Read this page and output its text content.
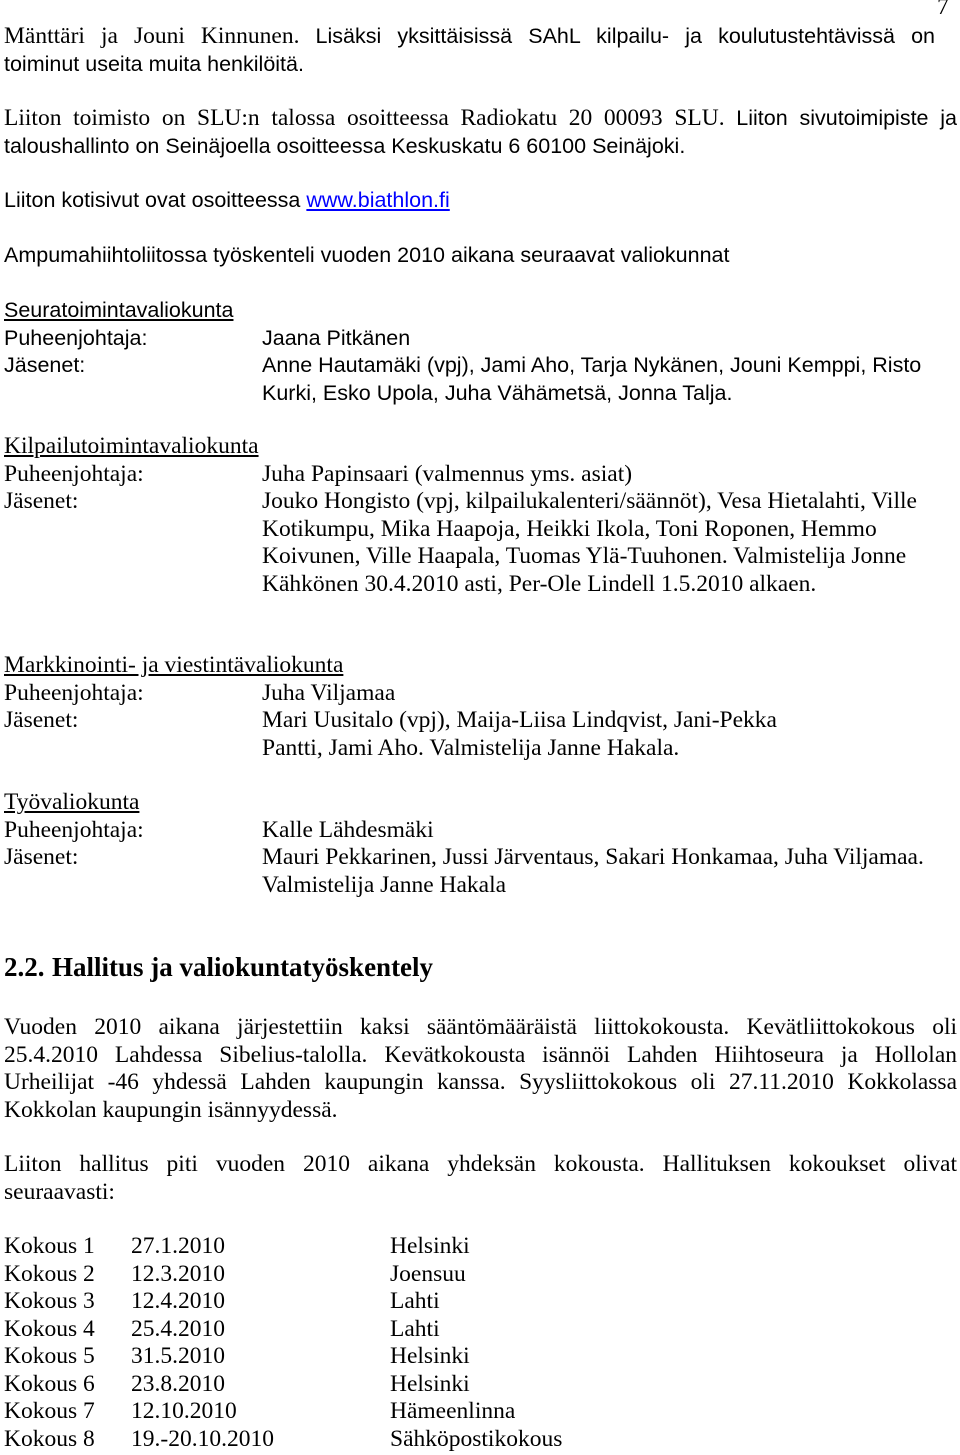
7
Mänttäri ja Jouni Kinnunen. Lisäksi yksittäisissä SAhL kilpailu- ja koulutustehtävissä on
toiminut useita muita henkilöitä.
Liiton toimisto on SLU:n talossa osoitteessa Radiokatu 20 00093 SLU. Liiton sivutoimipiste ja
taloushallinto on Seinäjoella osoitteessa Keskuskatu 6 60100 Seinäjoki.
Liiton kotisivut ovat osoitteessa www.biathlon.fi
Ampumahiihtoliitossa työskenteli vuoden 2010 aikana seuraavat valiokunnat
Seuratoimintavaliokunta
Puheenjohtaja:	Jaana Pitkänen
Jäsenet:	Anne Hautamäki (vpj), Jami Aho, Tarja Nykänen, Jouni Kemppi, Risto
Kurki, Esko Upola, Juha Vähämetsä, Jonna Talja.
Kilpailutoimintavaliokunta
Puheenjohtaja:	Juha Papinsaari (valmennus yms. asiat)
Jäsenet:	Jouko Hongisto (vpj, kilpailukalenteri/säännöt), Vesa Hietalahti, Ville
Kotikumpu, Mika Haapoja, Heikki Ikola, Toni Roponen, Hemmo
Koivunen, Ville Haapala, Tuomas Ylä-Tuuhonen. Valmistelija Jonne
Kähkönen 30.4.2010 asti, Per-Ole Lindell 1.5.2010 alkaen.
Markkinointi- ja viestintävaliokunta
Puheenjohtaja:	Juha Viljamaa
Jäsenet:	Mari Uusitalo (vpj), Maija-Liisa Lindqvist, Jani-Pekka
Pantti, Jami Aho. Valmistelija Janne Hakala.
Työvaliokunta
Puheenjohtaja:	Kalle Lähdesmäki
Jäsenet:	Mauri Pekkarinen, Jussi Järventaus, Sakari Honkamaa, Juha Viljamaa.
Valmistelija Janne Hakala
2.2. Hallitus ja valiokuntatyöskentely
Vuoden 2010 aikana järjestettiin kaksi sääntömääräistä liittokokousta. Kevätliittokokous oli
25.4.2010 Lahdessa Sibelius-talolla. Kevätkokousta isännöi Lahden Hiihtoseura ja Hollolan
Urheilijat -46 yhdessä Lahden kaupungin kanssa. Syysliittokokous oli 27.11.2010 Kokkolassa
Kokkolan kaupungin isännyydessä.
Liiton hallitus piti vuoden 2010 aikana yhdeksän kokousta. Hallituksen kokoukset olivat
seuraavasti:
Kokous 1	27.1.2010	Helsinki
Kokous 2	12.3.2010	Joensuu
Kokous 3	12.4.2010	Lahti
Kokous 4	25.4.2010	Lahti
Kokous 5	31.5.2010	Helsinki
Kokous 6	23.8.2010	Helsinki
Kokous 7	12.10.2010	Hämeenlinna
Kokous 8	19.-20.10.2010	Sähköpostikokous
